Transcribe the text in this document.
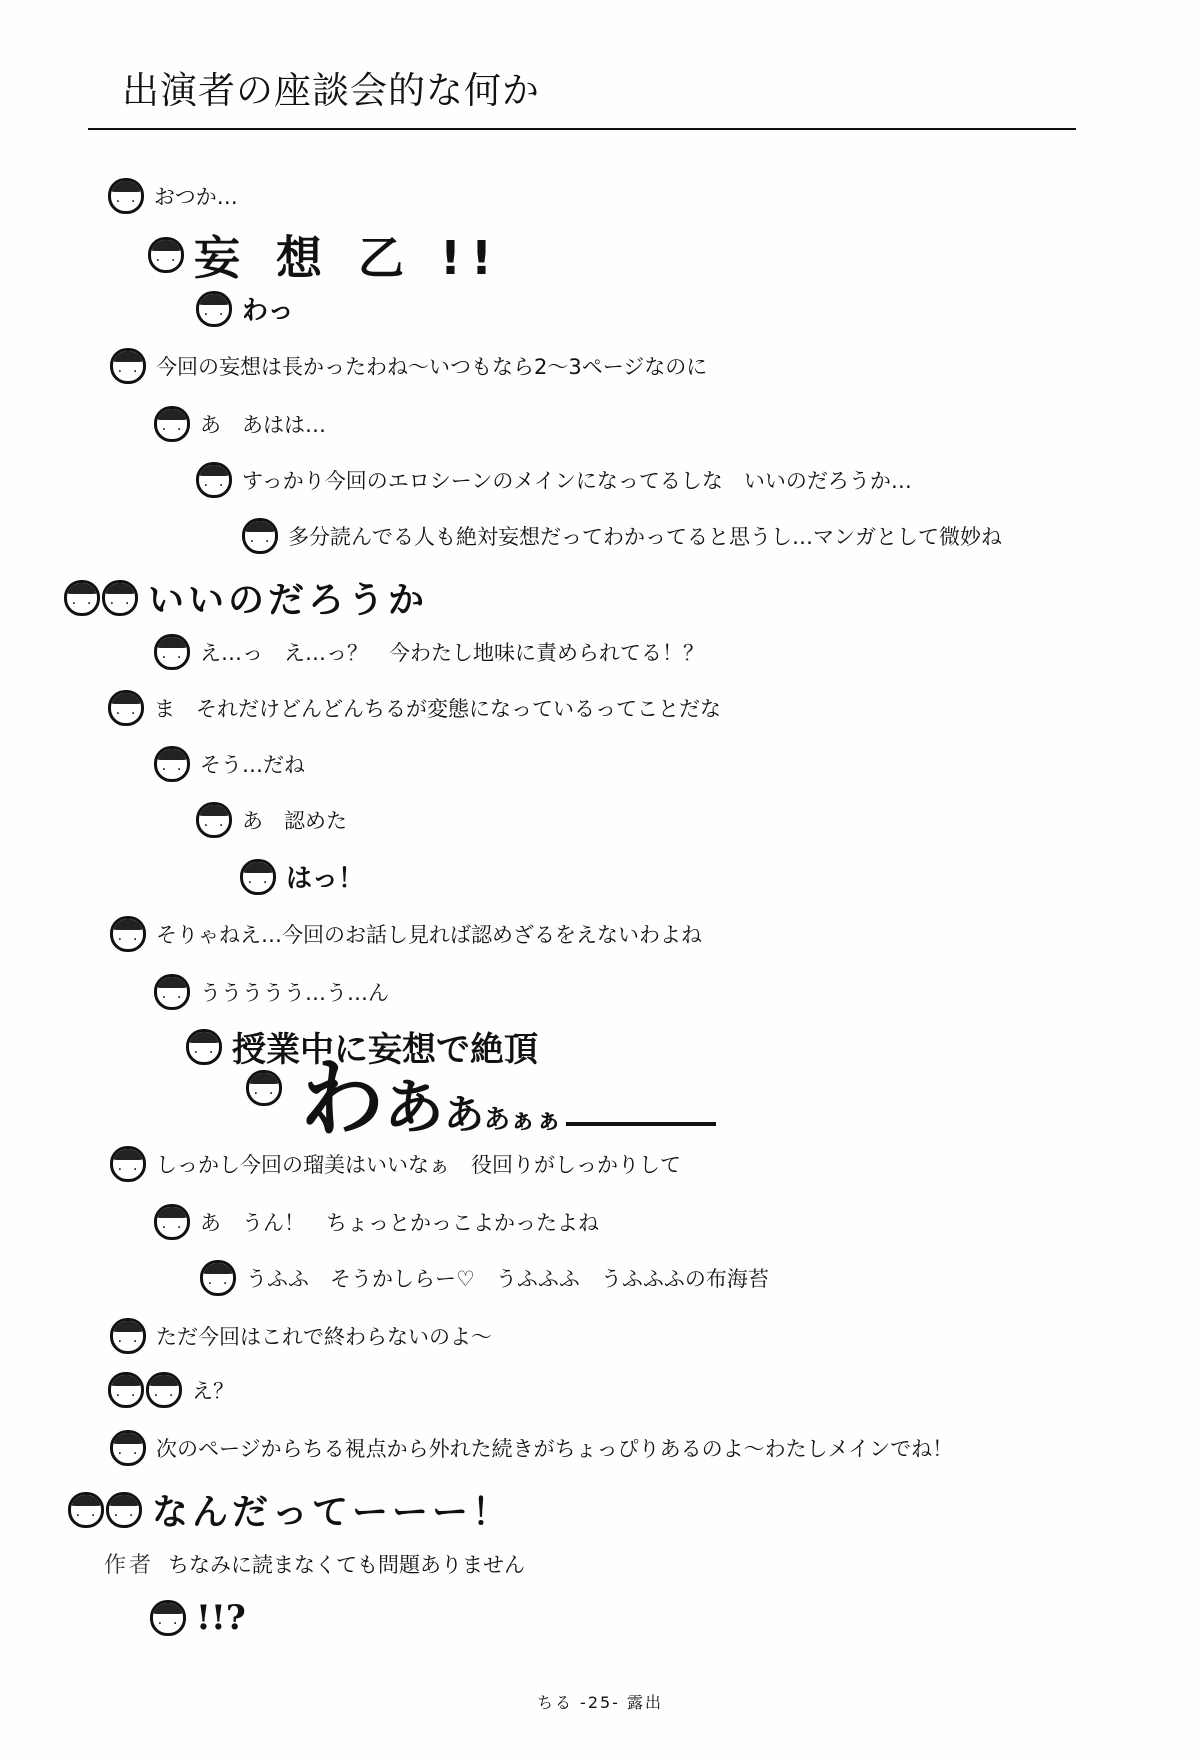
出演者の座談会的な何か
・ ・
おつか…
・ ・
妄 想 乙 !!
・ ・
わっ
・ ・
今回の妄想は長かったわね～いつもなら2～3ページなのに
・ ・
あ　あはは…
・ ・
すっかり今回のエロシーンのメインになってるしな　いいのだろうか…
・ ・
多分読んでる人も絶対妄想だってわかってると思うし…マンガとして微妙ね
・ ・
・ ・
いいのだろうか
・ ・
え…っ　え…っ？　今わたし地味に責められてる！？
・ ・
ま　それだけどんどんちるが変態になっているってことだな
・ ・
そう…だね
・ ・
あ　認めた
・ ・
はっ！
・ ・
そりゃねえ…今回のお話し見れば認めざるをえないわよね
・ ・
ううううう…う…ん
・ ・
授業中に妄想で絶頂
・ ・
わあああぁぁ
・ ・
しっかし今回の瑠美はいいなぁ　役回りがしっかりして
・ ・
あ　うん！　ちょっとかっこよかったよね
・ ・
うふふ　そうかしらー♡　うふふふ　うふふふの布海苔
・ ・
ただ今回はこれで終わらないのよ～
・ ・
・ ・
え？
・ ・
次のページからちる視点から外れた続きがちょっぴりあるのよ～わたしメインでね！
・ ・
・ ・
なんだってーーー！
作者 ちなみに読まなくても問題ありません
・ ・
!!?
ちる -25- 露出
